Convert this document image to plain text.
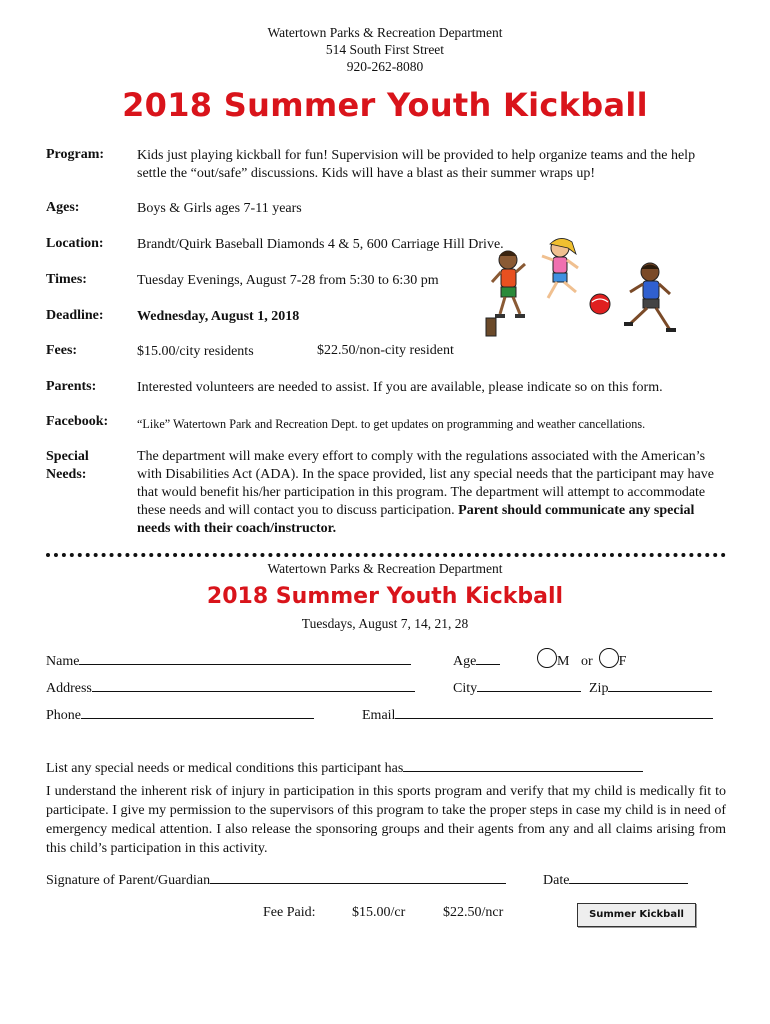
Watertown Parks & Recreation Department
514 South First Street
920-262-8080
2018 Summer Youth Kickball
Program: Kids just playing kickball for fun! Supervision will be provided to help organize teams and the help settle the “out/safe” discussions. Kids will have a blast as their summer wraps up!
Ages:	Boys & Girls ages 7-11 years
Location: Brandt/Quirk Baseball Diamonds 4 & 5, 600 Carriage Hill Drive.
Times:	Tuesday Evenings, August 7-28 from 5:30 to 6:30 pm
Deadline: Wednesday, August 1, 2018
Fees:	$15.00/city residents	$22.50/non-city resident
Parents:	Interested volunteers are needed to assist. If you are available, please indicate so on this form.
Facebook: “Like” Watertown Park and Recreation Dept. to get updates on programming and weather cancellations.
Special Needs:
The department will make every effort to comply with the regulations associated with the American’s with Disabilities Act (ADA). In the space provided, list any special needs that the participant may have that would benefit his/her participation in this program. The department will attempt to accommodate these needs and will contact you to discuss participation. Parent should communicate any special needs with their coach/instructor.
Watertown Parks & Recreation Department
2018 Summer Youth Kickball
Tuesdays, August 7, 14, 21, 28
Name	Age	M or F
Address	City	Zip
Phone	Email
List any special needs or medical conditions this participant has
I understand the inherent risk of injury in participation in this sports program and verify that my child is medically fit to participate. I give my permission to the supervisors of this program to take the proper steps in case my child is in need of emergency medical attention. I also release the sponsoring groups and their agents from any and all claims arising from this child’s participation in this activity.
Signature of Parent/Guardian	Date
Fee Paid:	$15.00/cr	$22.50/ncr	Summer Kickball
